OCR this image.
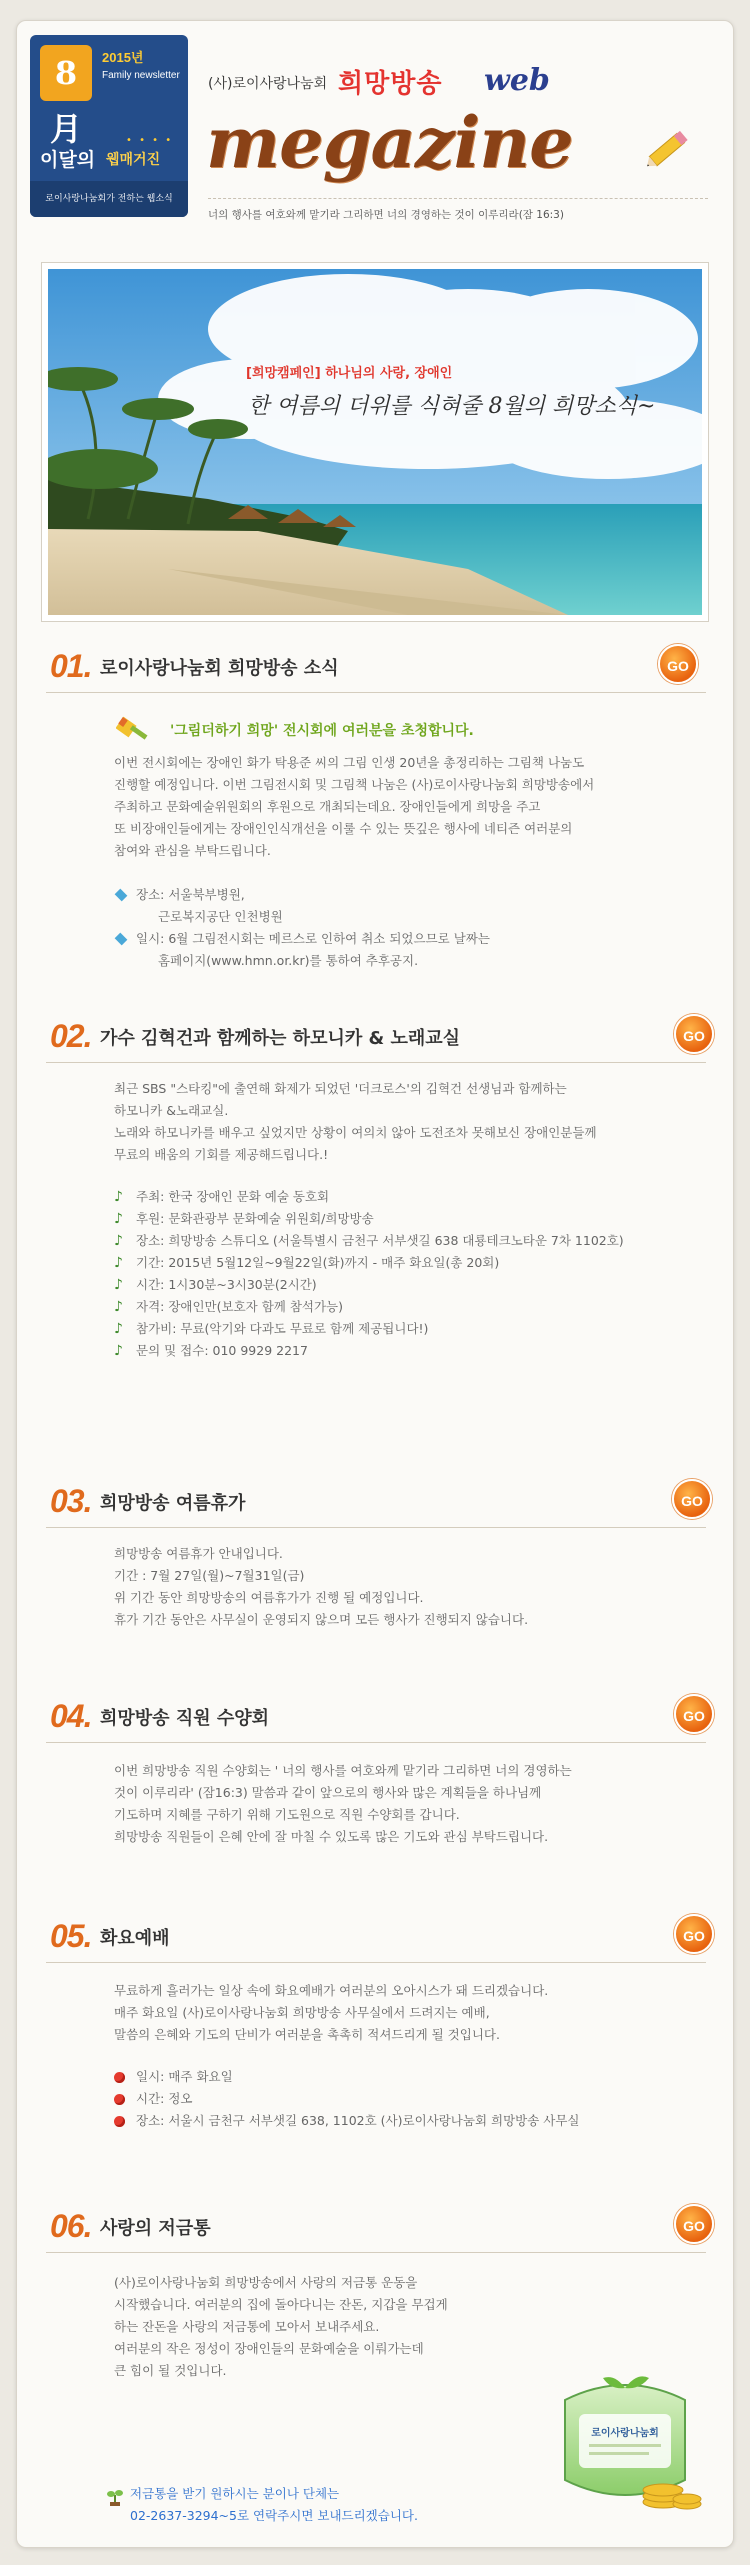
8月
2015년
Family newsletter
• • • •
이달의 웹매거진
로이사랑나눔회가 전하는 웹소식
(사)로이사랑나눔회 희망방송 web
megazine
너의 행사를 여호와께 맡기라 그리하면 너의 경영하는 것이 이루리라(잠 16:3)
[희망캠페인] 하나님의 사랑, 장애인
한 여름의 더위를 식혀줄 8월의 희망소식~
01. 로이사랑나눔회 희망방송 소식	GO
'그림더하기 희망' 전시회에 여러분을 초청합니다.

이번 전시회에는 장애인 화가 탁용준 씨의 그림 인생 20년을 총정리하는 그림책 나눔도

진행할 예정입니다. 이번 그림전시회 및 그림책 나눔은 (사)로이사랑나눔회 희망방송에서

주최하고 문화예술위원회의 후원으로 개최되는데요. 장애인들에게 희망을 주고

또 비장애인들에게는 장애인인식개선을 이룰 수 있는 뜻깊은 행사에 네티즌 여러분의

참여와 관심을 부탁드립니다.

장소: 서울북부병원,
근로복지공단 인천병원
일시: 6월 그림전시회는 메르스로 인하여 취소 되었으므로 날짜는
홈페이지(www.hmn.or.kr)를 통하여 추후공지.
02. 가수 김혁건과 함께하는 하모니카 & 노래교실	GO

최근 SBS "스타킹"에 출연해 화제가 되었던 '더크로스'의 김혁건 선생님과 함께하는

하모니카 &노래교실.

노래와 하모니카를 배우고 싶었지만 상황이 여의치 않아 도전조차 못해보신 장애인분들께

무료의 배움의 기회를 제공해드립니다.!

♪ 주최: 한국 장애인 문화 예술 동호회
♪ 후원: 문화관광부 문화예술 위원회/희망방송
♪ 장소: 희망방송 스튜디오 (서울특별시 금천구 서부샛길 638 대룡테크노타운 7차 1102호)
♪ 기간: 2015년 5월12일~9월22일(화)까지 - 매주 화요일(총 20회)
♪ 시간: 1시30분~3시30분(2시간)
♪ 자격: 장애인만(보호자 함께 참석가능)
♪ 참가비: 무료(악기와 다과도 무료로 함께 제공됩니다!)
♪ 문의 및 접수: 010 9929 2217
03. 희망방송 여름휴가	GO

희망방송 여름휴가 안내입니다.

기간 : 7월 27일(월)~7월31일(금)

위 기간 동안 희망방송의 여름휴가가 진행 될 예정입니다.

휴가 기간 동안은 사무실이 운영되지 않으며 모든 행사가 진행되지 않습니다.

04. 희망방송 직원 수양회	GO

이번 희망방송 직원 수양회는 ' 너의 행사를 여호와께 맡기라 그리하면 너의 경영하는

것이 이루리라' (잠16:3) 말씀과 같이 앞으로의 행사와 많은 계획들을 하나님께

기도하며 지혜를 구하기 위해 기도원으로 직원 수양회를 갑니다.

희망방송 직원들이 은혜 안에 잘 마칠 수 있도록 많은 기도와 관심 부탁드립니다.

05. 화요예배	GO

무료하게 흘러가는 일상 속에 화요예배가 여러분의 오아시스가 돼 드리겠습니다.

매주 화요일 (사)로이사랑나눔회 희망방송 사무실에서 드려지는 예배,

말씀의 은혜와 기도의 단비가 여러분을 촉촉히 적셔드리게 될 것입니다.

일시: 매주 화요일
시간: 정오
장소: 서울시 금천구 서부샛길 638, 1102호 (사)로이사랑나눔회 희망방송 사무실
06. 사랑의 저금통	GO

(사)로이사랑나눔회 희망방송에서 사랑의 저금통 운동을

시작했습니다. 여러분의 집에 돌아다니는 잔돈, 지갑을 무겁게

하는 잔돈을 사랑의 저금통에 모아서 보내주세요.

여러분의 작은 정성이 장애인들의 문화예술을 이뤄가는데

큰 힘이 될 것입니다.

저금통을 받기 원하시는 분이나 단체는

02-2637-3294~5로 연락주시면 보내드리겠습니다.

로이사랑나눔회
